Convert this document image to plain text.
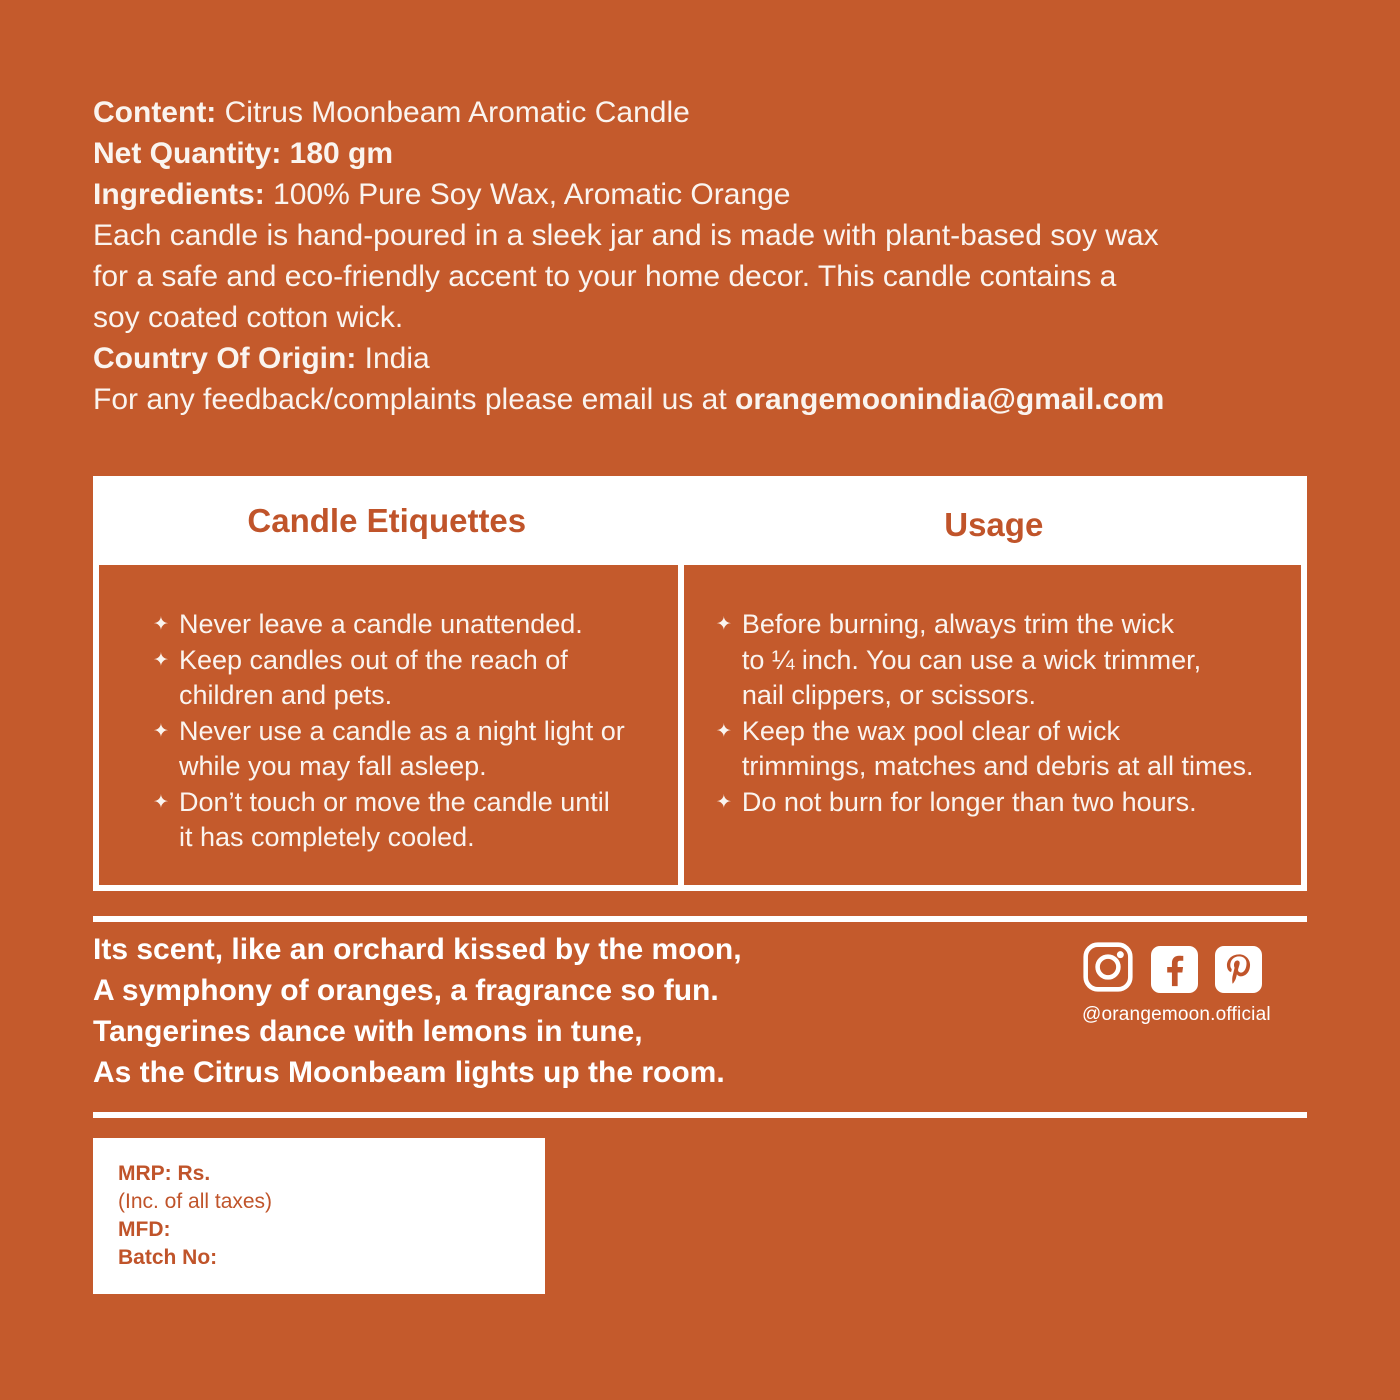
Content: Citrus Moonbeam Aromatic Candle
Net Quantity: 180 gm
Ingredients: 100% Pure Soy Wax, Aromatic Orange
Each candle is hand-poured in a sleek jar and is made with plant-based soy wax
for a safe and eco-friendly accent to your home decor. This candle contains a
soy coated cotton wick.
Country Of Origin: India
For any feedback/complaints please email us at orangemoonindia@gmail.com
Candle Etiquettes	Usage
✦ Never leave a candle unattended.
✦ Keep candles out of the reach of
children and pets.
✦ Never use a candle as a night light or
while you may fall asleep.
✦ Don’t touch or move the candle until
it has completely cooled.
✦ Before burning, always trim the wick
to ¼ inch. You can use a wick trimmer,
nail clippers, or scissors.
✦ Keep the wax pool clear of wick
trimmings, matches and debris at all times.
✦ Do not burn for longer than two hours.
Its scent, like an orchard kissed by the moon,
A symphony of oranges, a fragrance so fun.
Tangerines dance with lemons in tune,
As the Citrus Moonbeam lights up the room.
@orangemoon.official
MRP: Rs.
(Inc. of all taxes)
MFD:
Batch No:
